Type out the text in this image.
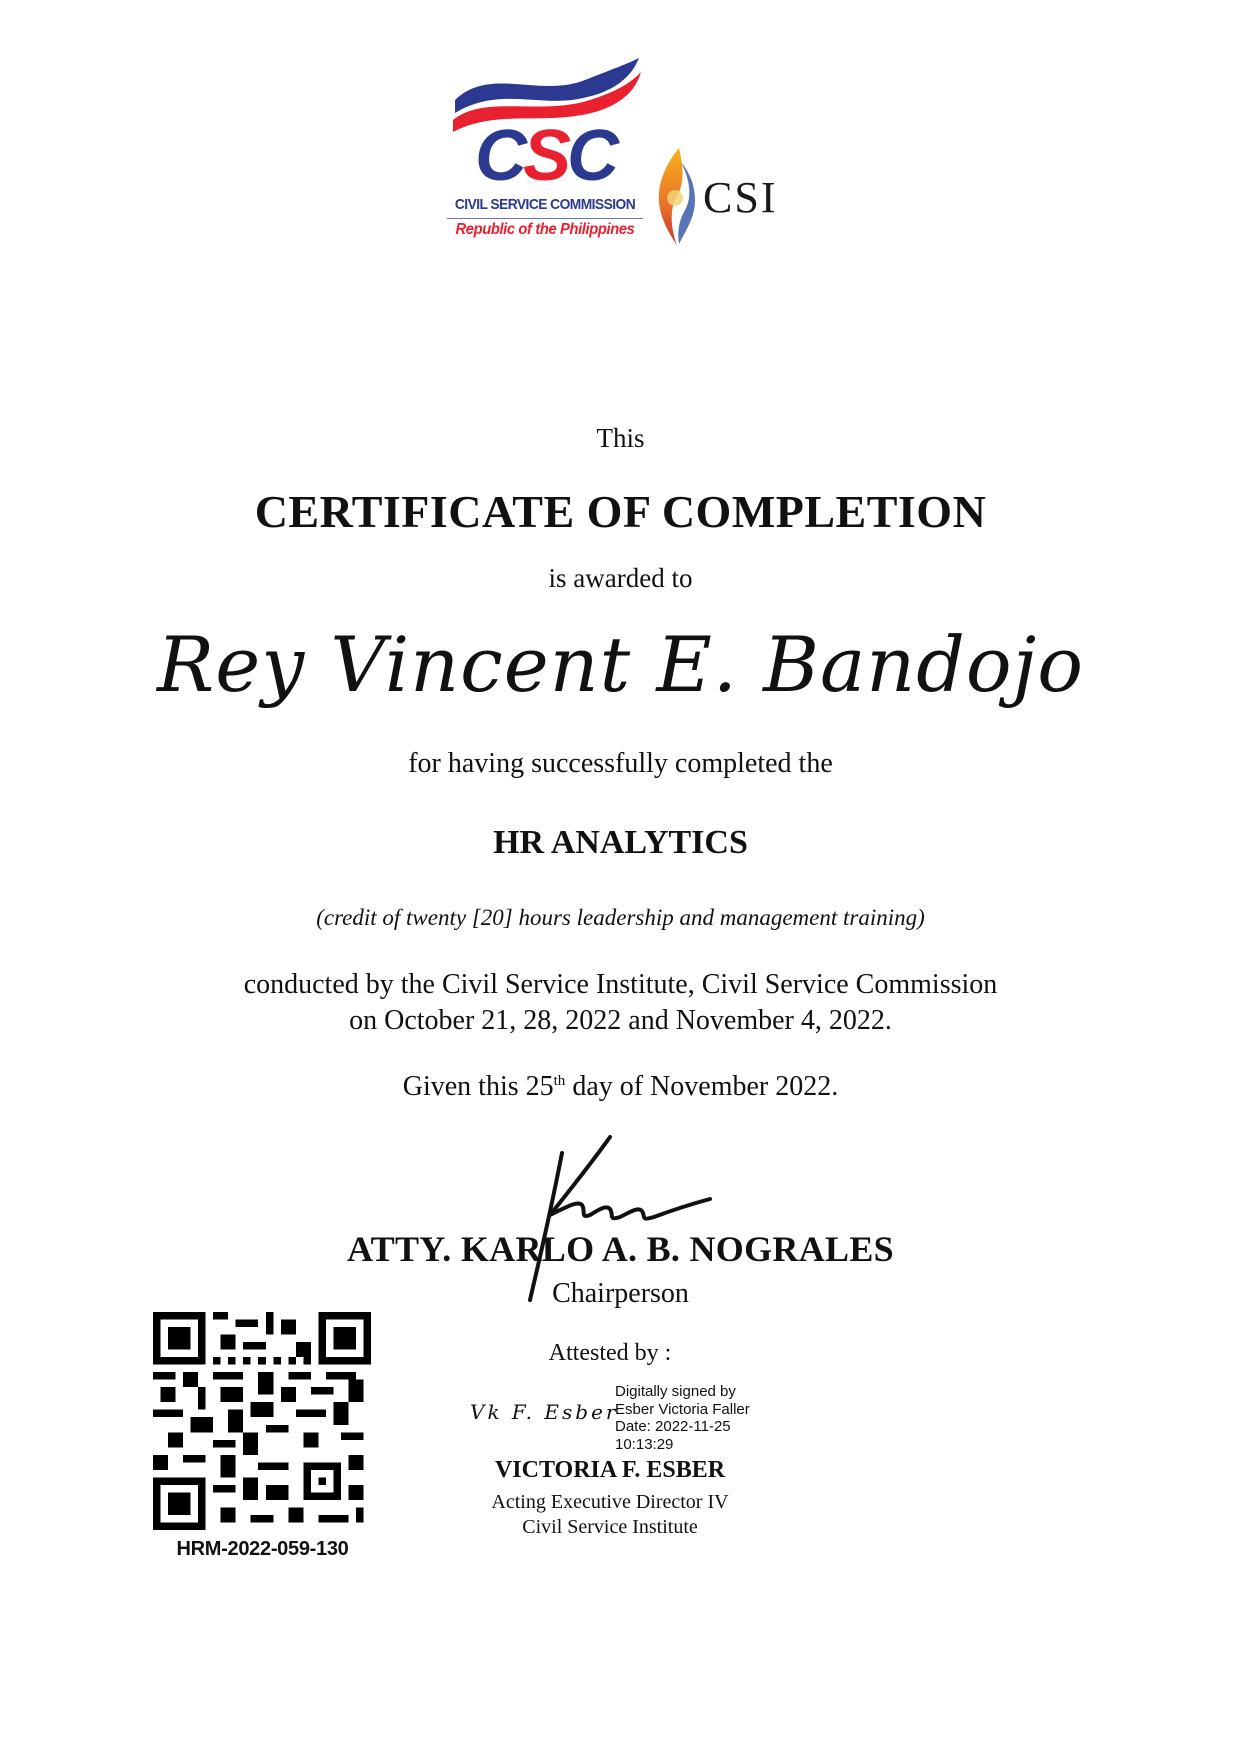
CSC
CIVIL SERVICE COMMISSION
Republic of the Philippines
CSI
This
CERTIFICATE OF COMPLETION
is awarded to
Rey Vincent E. Bandojo
for having successfully completed the
HR ANALYTICS
(credit of twenty [20] hours leadership and management training)
conducted by the Civil Service Institute, Civil Service Commission
on October 21, 28, 2022 and November 4, 2022.
Given this 25th day of November 2022.
ATTY. KARLO A. B. NOGRALES
Chairperson
Attested by :
Vk F. Esber
Digitally signed by
Esber Victoria Faller
Date: 2022-11-25
10:13:29
VICTORIA F. ESBER
Acting Executive Director IV
Civil Service Institute
HRM-2022-059-130
